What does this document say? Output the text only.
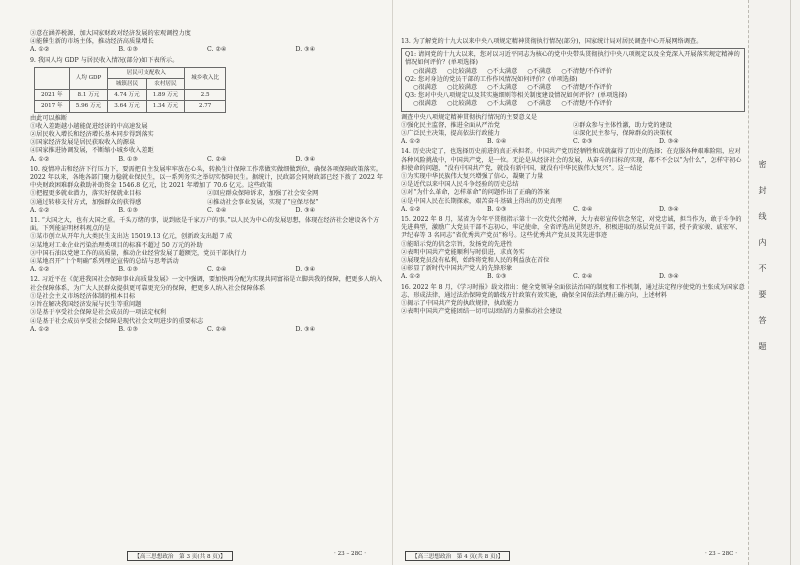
③意在涵养税源，加大国家财政对经济发展的宏观调控力度
④能催生新的市场主体，推动经济高质量增长
A. ①②	B. ①③	C. ②④	D. ③④
9. 我国人均 GDP 与居民收入情况(部分)如下表所示。
	人均 GDP	居民可支配收入		城乡收入比
		城镇居民	农村居民	
2021 年	8.1 万元	4.74 万元	1.89 万元	2.5
2017 年	5.96 万元	3.64 万元	1.34 万元	2.77
由此可以推断
①收入差距越小越能促进经济的中高速发展
②居民收入增长和经济增长基本同步得到落实
③国家经济发展是居民获取收入的源泉
④国家推进协调发展，不断缩小城乡收入差距
A. ①②	B. ①③	C. ②④	D. ③④
10. 疫情冲击和经济下行压力下，要需把自主发展牢牢放在心头，转换生计保障工作常做实做细做到位，确保各项保障政策落实。2022 年以来，各地各部门聚力稳就业保民生，以一系列务实之举切实保障民生。据统计，民政部会同财政部已经下拨了 2022 年中央财政困难群众救助补助资金 1546.8 亿元，比 2021 年增加了 70.6 亿元。这些政策
①把握更多就业潜力，落实好保就业目标	②回应群众保障诉求，加强了社会安全网
③通过转移支付方式，加强群众的获得感	④推动社会事业发展，实现了“应保尽保”
A. ①②	B. ①③	C. ②④	D. ③④
11. “大国之大，也有大国之重。千头万绪的事，说到底是千家万户的事。”以人民为中心的发展思想，体现在经济社会建设各个方面。下列能证明材料观点的是
①某市创立从开年九大类民生支出达 15019.13 亿元，创新政支出超 7 成
②某地对工业企业污染治理类项目的标准不超过 50 万元的补助
③中国石油以党建工作的高质量，推动企业经营发展了超额完，党员干部执行力
④某地召开“十个明确”系列理论宣传的总结与思考活动
A. ①②	B. ①③	C. ②④	D. ③④
12. 习近平在《促进我国社会保障事业高质量发展》一文中强调，要加快再分配为实现共同富裕是立脚共我的保障，把更多人纳入社会保障体系，为广大人民群众提供更可靠更充分的保障，把更多人纳入社会保障体系
①是社会主义市场经济体制的根本目标
②旨在解决我国经济发展与民生等重问题
③是基于享受社会保障是社会成员的一项法定权利
④是基于社会成员享受社会保障是现代社会文明进步的重要标志
A. ①②	B. ①③	C. ②④	D. ③④
【高三思想政治　第 3 页(共 8 页)】	· 23 – 28C ·
13. 为了解党的十九大以来中央八项规定精神贯彻执行情况(部分)，国家统计局对居民调查中心开展网络调查。
Q1: 请问党的十九大以来，您对以习近平同志为核心的党中央带头贯彻执行中央八项规定以及全党深入开展落实规定精神的情况如何评价？(单项选择)
○很满意 ○比较满意 ○不太满意 ○不满意 ○不清楚/不作评价
Q2: 您对身边的党员干部的工作作风情况如何评价？(单项选择)
○很满意 ○比较满意 ○不太满意 ○不满意 ○不清楚/不作评价
Q3: 您对中央八项规定以及其实施细则等相关制度建设情况如何评价？(单项选择)
○很满意 ○比较满意 ○不太满意 ○不满意 ○不清楚/不作评价
调查中央八项规定精神贯彻执行情况的主要意义是
①强化民主监督，推进全面从严治党	②群众参与主体性激，助力党的建设
③广泛民主决策，提高依法行政能力	④深化民主参与，保障群众的决策权
A. ①②	B. ①④	C. ②③	D. ③④
14. 历史决定了，也选择历史前进的真正承担者。中国共产党历经牺牲和成就赢得了历史的选择；在克服各种艰难险阻，应对各种风险挑战中，中国共产党，是一位。无论是从经济社会的发展，从奋斗的目标的实现，都不不会以“为什么”，怎样守初心担使命的问题，“没有中国共产党，就没有新中国，就没有中华民族伟大复兴”。这一结论
①为实现中华民族伟大复兴增强了信心，凝聚了力量
②是近代以来中国人民斗争经验的历史总结
③对“为什么革命，怎样革命”的问题作出了正确的答案
④是中国人民在长期探索，艰苦奋斗基础上得出的历史真理
A. ①②	B. ①③	C. ②④	D. ③④
15. 2022 年 8 月，某省为今年平贯彻指示第十一次党代会精神，大力表彰宣传信念坚定，对党忠诚，担当作为，敢于斗争的先进典型，激励广大党员干部不忘初心，牢记使命，全省评选出见贤思齐，积极进取的基层党员干部，授予黄家骏、戚宏军、尹纪春等 3 名同志“省优秀共产党员”称号。这些优秀共产党员及其先进事迹
①能昭示党的信念宗旨，发扬党的先进性
②表明中国共产党能顺利与时俱进，求真务实
③展现党员没有私利，始终将党和人民的利益放在首位
④彰显了新时代中国共产党人的先锋形象
A. ①②	B. ①③	C. ②④	D. ③④
16. 2022 年 8 月，《学习时报》载文指出：健全党领导全面依法治国的制度和工作机制，通过法定程序使党的主张成为国家意志、形成法律，通过法治保障党的路线方针政策有效实施，确保全国依法治理正确方向，上述材料
①揭示了中国共产党的执政规律，执政能力
②表明中国共产党能团结一切可以团结的力量推动社会建设
【高三思想政治　第 4 页(共 8 页)】	· 23 – 28C ·
密封线内不要答题
